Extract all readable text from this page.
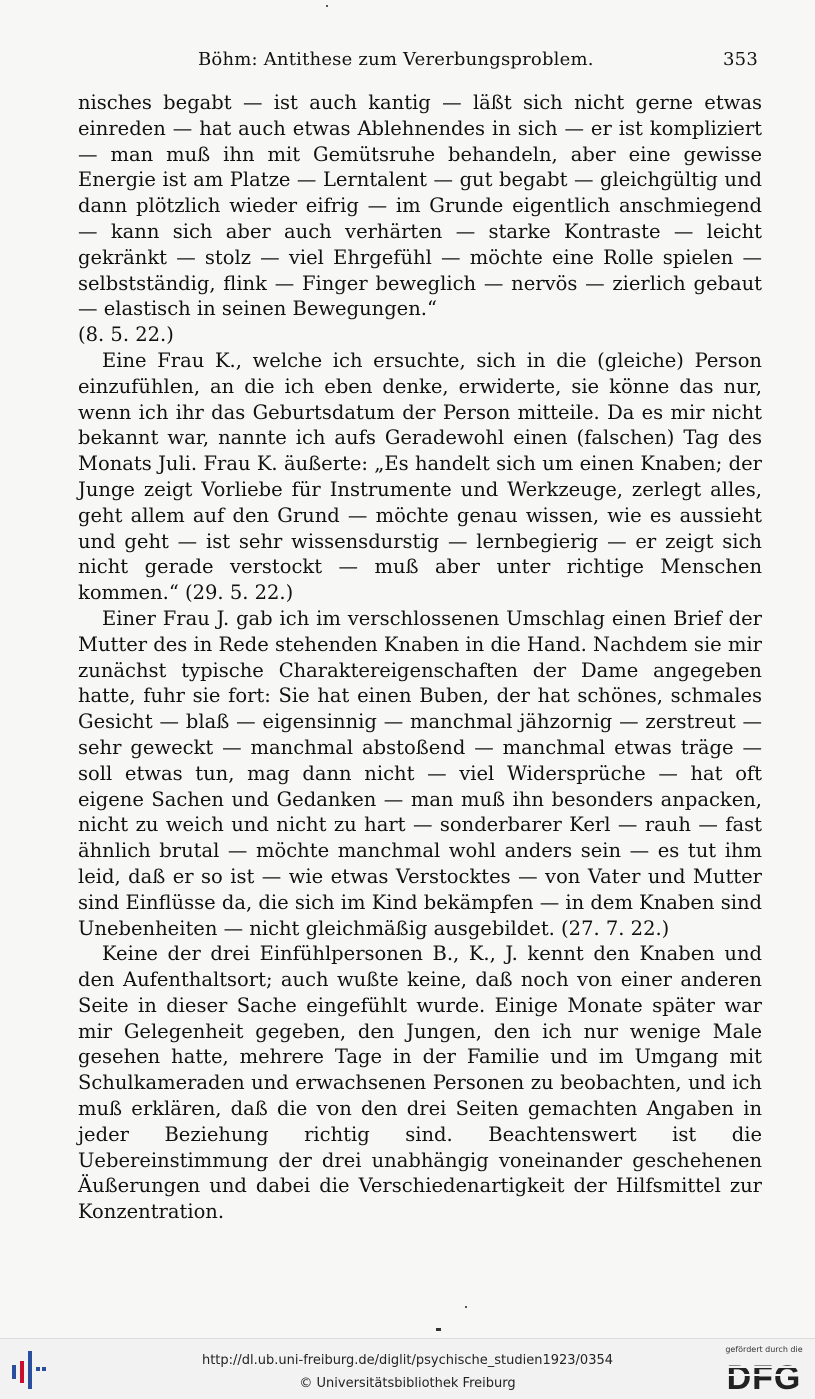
Böhm: Antithese zum Vererbungsproblem.	353

nisches begabt — ist auch kantig — läßt sich nicht gerne etwas einreden — hat auch etwas Ablehnendes in sich — er ist kompliziert — man muß ihn mit Gemütsruhe behandeln, aber eine gewisse Energie ist am Platze — Lerntalent — gut begabt — gleichgültig und dann plötzlich wieder eifrig — im Grunde eigentlich anschmiegend — kann sich aber auch verhärten — starke Kontraste — leicht gekränkt — stolz — viel Ehrgefühl — möchte eine Rolle spielen — selbstständig, flink — Finger beweglich — nervös — zierlich gebaut — elastisch in seinen Bewegungen.“
(8. 5. 22.)

Eine Frau K., welche ich ersuchte, sich in die (gleiche) Person einzufühlen, an die ich eben denke, erwiderte, sie könne das nur, wenn ich ihr das Geburtsdatum der Person mitteile. Da es mir nicht bekannt war, nannte ich aufs Geradewohl einen (falschen) Tag des Monats Juli. Frau K. äußerte: „Es handelt sich um einen Knaben; der Junge zeigt Vorliebe für Instrumente und Werkzeuge, zerlegt alles, geht allem auf den Grund — möchte genau wissen, wie es aussieht und geht — ist sehr wissensdurstig — lernbegierig — er zeigt sich nicht gerade verstockt — muß aber unter richtige Menschen kommen.“ (29. 5. 22.)

Einer Frau J. gab ich im verschlossenen Umschlag einen Brief der Mutter des in Rede stehenden Knaben in die Hand. Nachdem sie mir zunächst typische Charaktereigenschaften der Dame angegeben hatte, fuhr sie fort: Sie hat einen Buben, der hat schönes, schmales Gesicht — blaß — eigensinnig — manchmal jähzornig — zerstreut — sehr geweckt — manchmal abstoßend — manchmal etwas träge — soll etwas tun, mag dann nicht — viel Widersprüche — hat oft eigene Sachen und Gedanken — man muß ihn besonders anpacken, nicht zu weich und nicht zu hart — sonderbarer Kerl — rauh — fast ähnlich brutal — möchte manchmal wohl anders sein — es tut ihm leid, daß er so ist — wie etwas Verstocktes — von Vater und Mutter sind Einflüsse da, die sich im Kind bekämpfen — in dem Knaben sind Unebenheiten — nicht gleichmäßig ausgebildet. (27. 7. 22.)

Keine der drei Einfühlpersonen B., K., J. kennt den Knaben und den Aufenthaltsort; auch wußte keine, daß noch von einer anderen Seite in dieser Sache eingefühlt wurde. Einige Monate später war mir Gelegenheit gegeben, den Jungen, den ich nur wenige Male gesehen hatte, mehrere Tage in der Familie und im Umgang mit Schulkameraden und erwachsenen Personen zu beobachten, und ich muß erklären, daß die von den drei Seiten gemachten Angaben in jeder Beziehung richtig sind. Beachtenswert ist die Uebereinstimmung der drei unabhängig voneinander geschehenen Äußerungen und dabei die Verschiedenartigkeit der Hilfsmittel zur Konzentration.

http://dl.ub.uni-freiburg.de/diglit/psychische_studien1923/0354
© Universitätsbibliothek Freiburg
gefördert durch die
DFG
